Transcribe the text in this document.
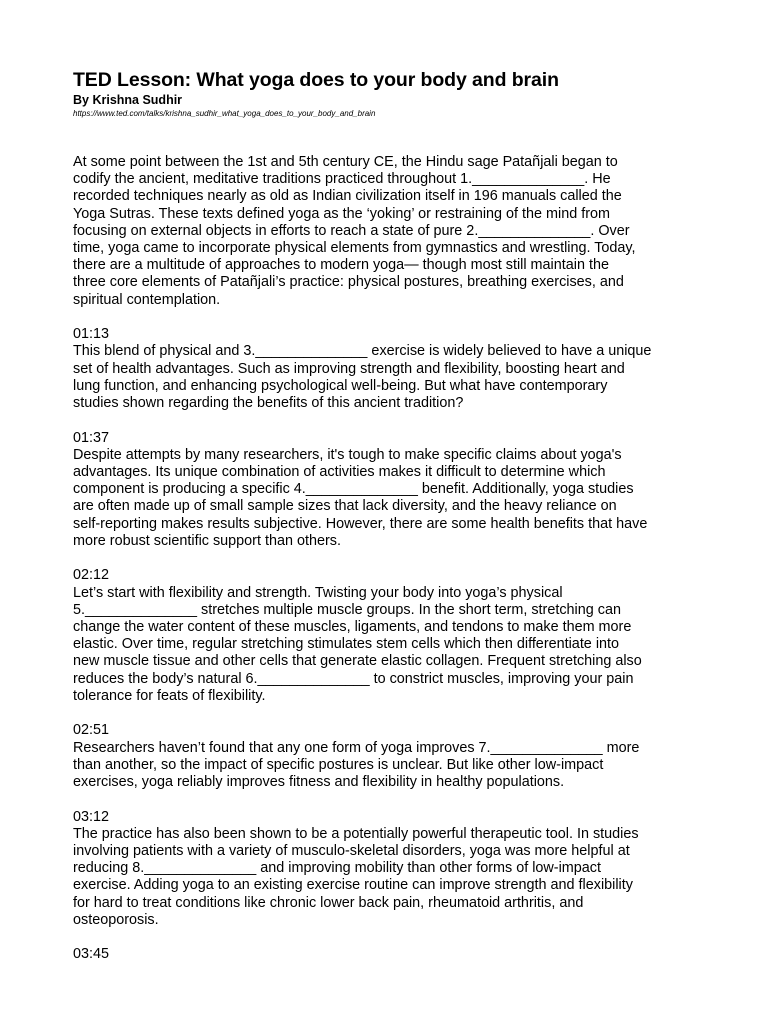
TED Lesson: What yoga does to your body and brain

By Krishna Sudhir

https://www.ted.com/talks/krishna_sudhir_what_yoga_does_to_your_body_and_brain

At some point between the 1st and 5th century CE, the Hindu sage Patañjali began to
codify the ancient, meditative traditions practiced throughout 1.______________. He
recorded techniques nearly as old as Indian civilization itself in 196 manuals called the
Yoga Sutras. These texts defined yoga as the ‘yoking’ or restraining of the mind from
focusing on external objects in efforts to reach a state of pure 2.______________. Over
time, yoga came to incorporate physical elements from gymnastics and wrestling. Today,
there are a multitude of approaches to modern yoga— though most still maintain the
three core elements of Patañjali’s practice: physical postures, breathing exercises, and
spiritual contemplation.
01:13
This blend of physical and 3.______________ exercise is widely believed to have a unique
set of health advantages. Such as improving strength and flexibility, boosting heart and
lung function, and enhancing psychological well-being. But what have contemporary
studies shown regarding the benefits of this ancient tradition?
01:37
Despite attempts by many researchers, it's tough to make specific claims about yoga's
advantages. Its unique combination of activities makes it difficult to determine which
component is producing a specific 4.______________ benefit. Additionally, yoga studies
are often made up of small sample sizes that lack diversity, and the heavy reliance on
self-reporting makes results subjective. However, there are some health benefits that have
more robust scientific support than others.
02:12
Let’s start with flexibility and strength. Twisting your body into yoga’s physical
5.______________ stretches multiple muscle groups. In the short term, stretching can
change the water content of these muscles, ligaments, and tendons to make them more
elastic. Over time, regular stretching stimulates stem cells which then differentiate into
new muscle tissue and other cells that generate elastic collagen. Frequent stretching also
reduces the body’s natural 6.______________ to constrict muscles, improving your pain
tolerance for feats of flexibility.
02:51
Researchers haven’t found that any one form of yoga improves 7.______________ more
than another, so the impact of specific postures is unclear. But like other low-impact
exercises, yoga reliably improves fitness and flexibility in healthy populations.
03:12
The practice has also been shown to be a potentially powerful therapeutic tool. In studies
involving patients with a variety of musculo-skeletal disorders, yoga was more helpful at
reducing 8.______________ and improving mobility than other forms of low-impact
exercise. Adding yoga to an existing exercise routine can improve strength and flexibility
for hard to treat conditions like chronic lower back pain, rheumatoid arthritis, and
osteoporosis.
03:45
